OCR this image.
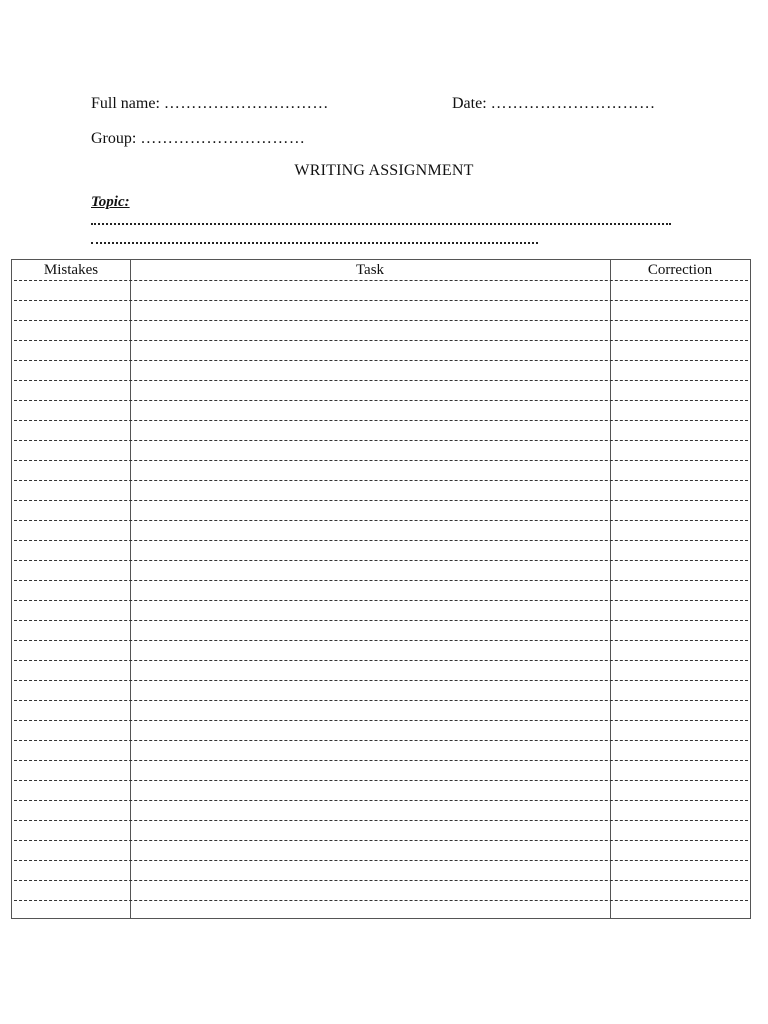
Full name: …………………………	Date: …………………………
Group: …………………………
WRITING ASSIGNMENT
Topic:
Mistakes	Task	Correction
